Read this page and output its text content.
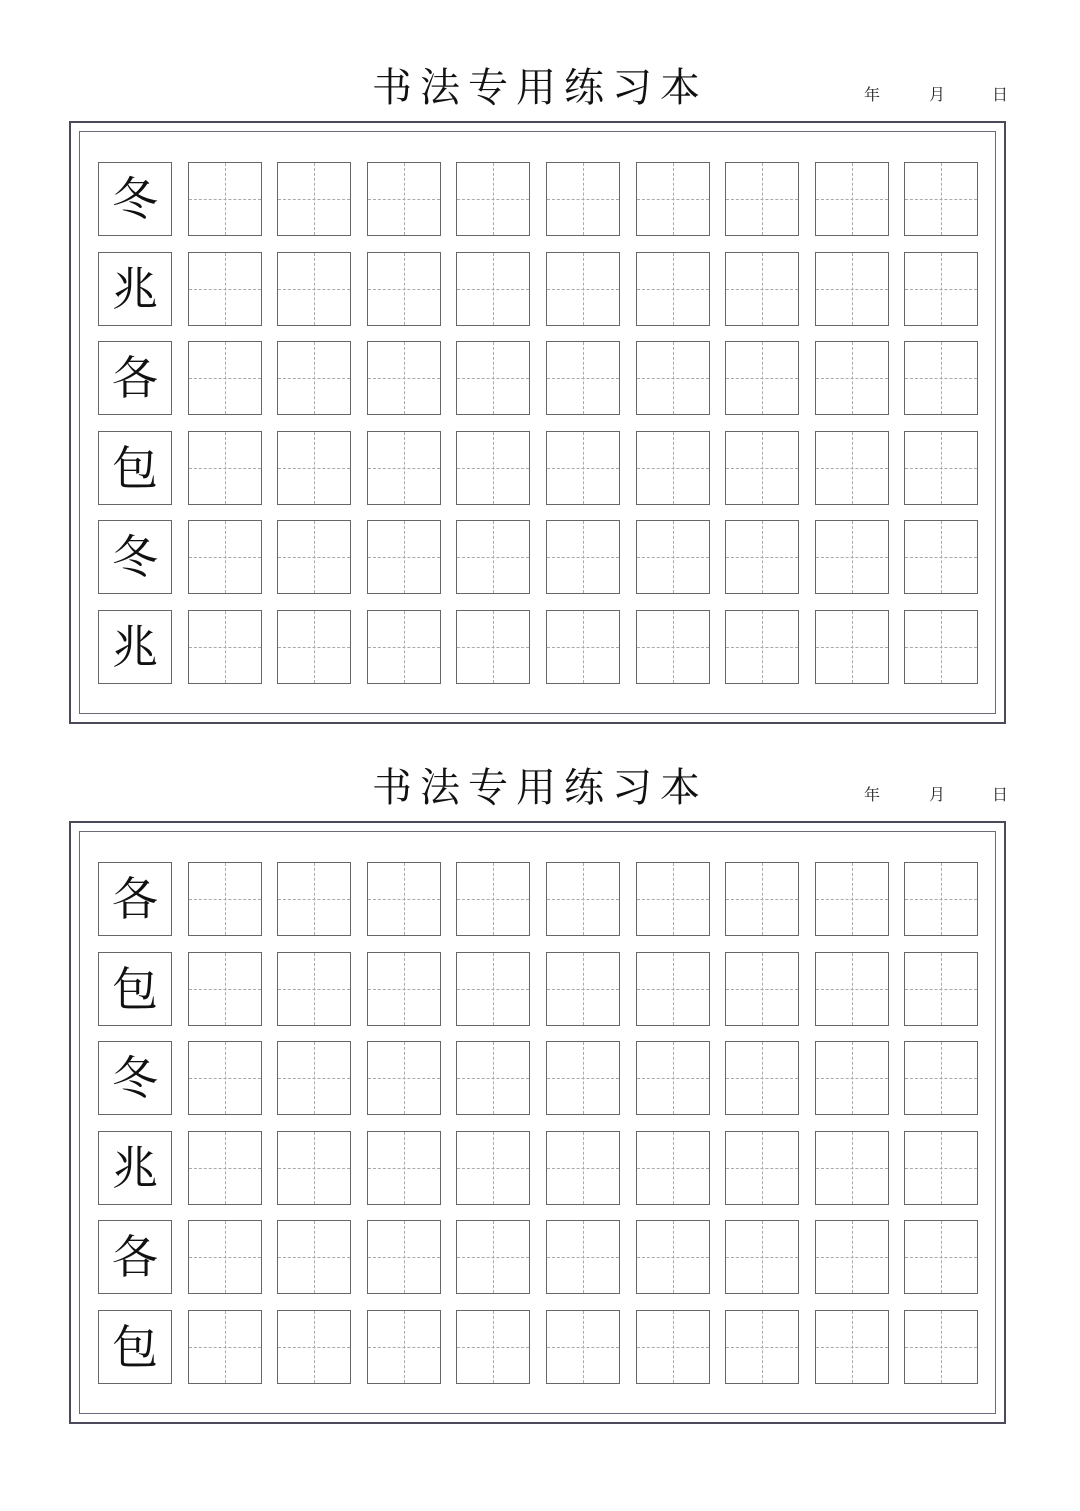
书法专用练习本	年	月	日
冬
兆
各
包
冬
兆
书法专用练习本	年	月	日
各
包
冬
兆
各
包
